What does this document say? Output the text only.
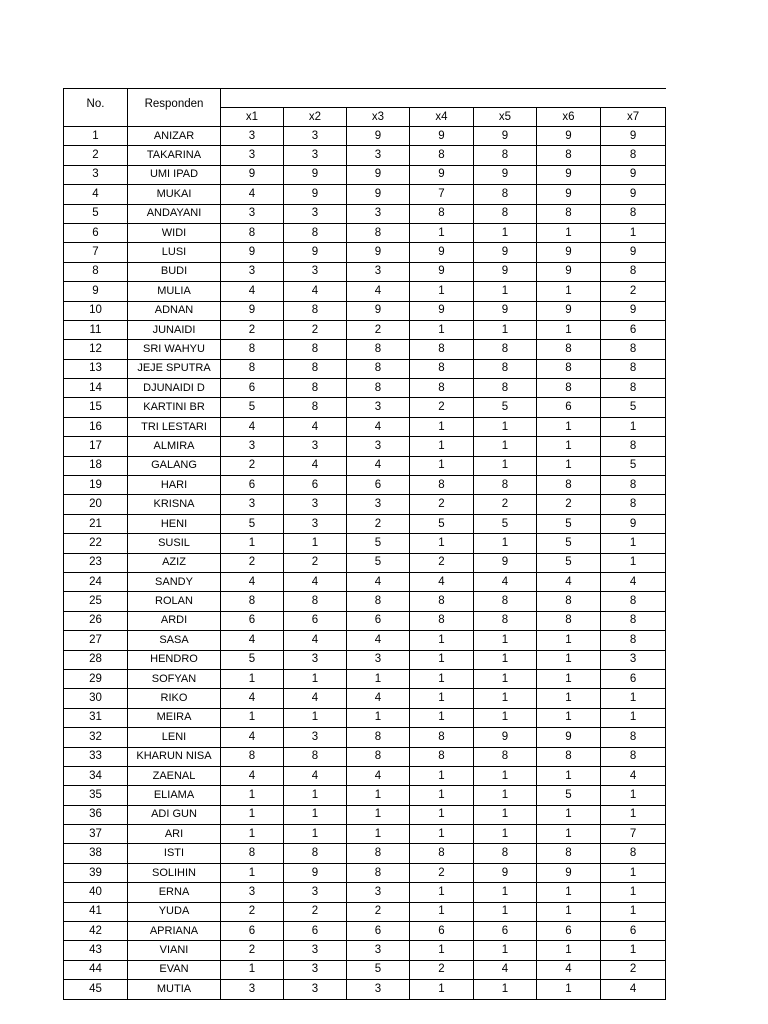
No.	Responden							
		x1	x2	x3	x4	x5	x6	x7
1	ANIZAR	3	3	9	9	9	9	9
2	TAKARINA	3	3	3	8	8	8	8
3	UMI IPAD	9	9	9	9	9	9	9
4	MUKAI	4	9	9	7	8	9	9
5	ANDAYANI	3	3	3	8	8	8	8
6	WIDI	8	8	8	1	1	1	1
7	LUSI	9	9	9	9	9	9	9
8	BUDI	3	3	3	9	9	9	8
9	MULIA	4	4	4	1	1	1	2
10	ADNAN	9	8	9	9	9	9	9
11	JUNAIDI	2	2	2	1	1	1	6
12	SRI WAHYU	8	8	8	8	8	8	8
13	JEJE SPUTRA	8	8	8	8	8	8	8
14	DJUNAIDI D	6	8	8	8	8	8	8
15	KARTINI BR	5	8	3	2	5	6	5
16	TRI LESTARI	4	4	4	1	1	1	1
17	ALMIRA	3	3	3	1	1	1	8
18	GALANG	2	4	4	1	1	1	5
19	HARI	6	6	6	8	8	8	8
20	KRISNA	3	3	3	2	2	2	8
21	HENI	5	3	2	5	5	5	9
22	SUSIL	1	1	5	1	1	5	1
23	AZIZ	2	2	5	2	9	5	1
24	SANDY	4	4	4	4	4	4	4
25	ROLAN	8	8	8	8	8	8	8
26	ARDI	6	6	6	8	8	8	8
27	SASA	4	4	4	1	1	1	8
28	HENDRO	5	3	3	1	1	1	3
29	SOFYAN	1	1	1	1	1	1	6
30	RIKO	4	4	4	1	1	1	1
31	MEIRA	1	1	1	1	1	1	1
32	LENI	4	3	8	8	9	9	8
33	KHARUN NISA	8	8	8	8	8	8	8
34	ZAENAL	4	4	4	1	1	1	4
35	ELIAMA	1	1	1	1	1	5	1
36	ADI GUN	1	1	1	1	1	1	1
37	ARI	1	1	1	1	1	1	7
38	ISTI	8	8	8	8	8	8	8
39	SOLIHIN	1	9	8	2	9	9	1
40	ERNA	3	3	3	1	1	1	1
41	YUDA	2	2	2	1	1	1	1
42	APRIANA	6	6	6	6	6	6	6
43	VIANI	2	3	3	1	1	1	1
44	EVAN	1	3	5	2	4	4	2
45	MUTIA	3	3	3	1	1	1	4
